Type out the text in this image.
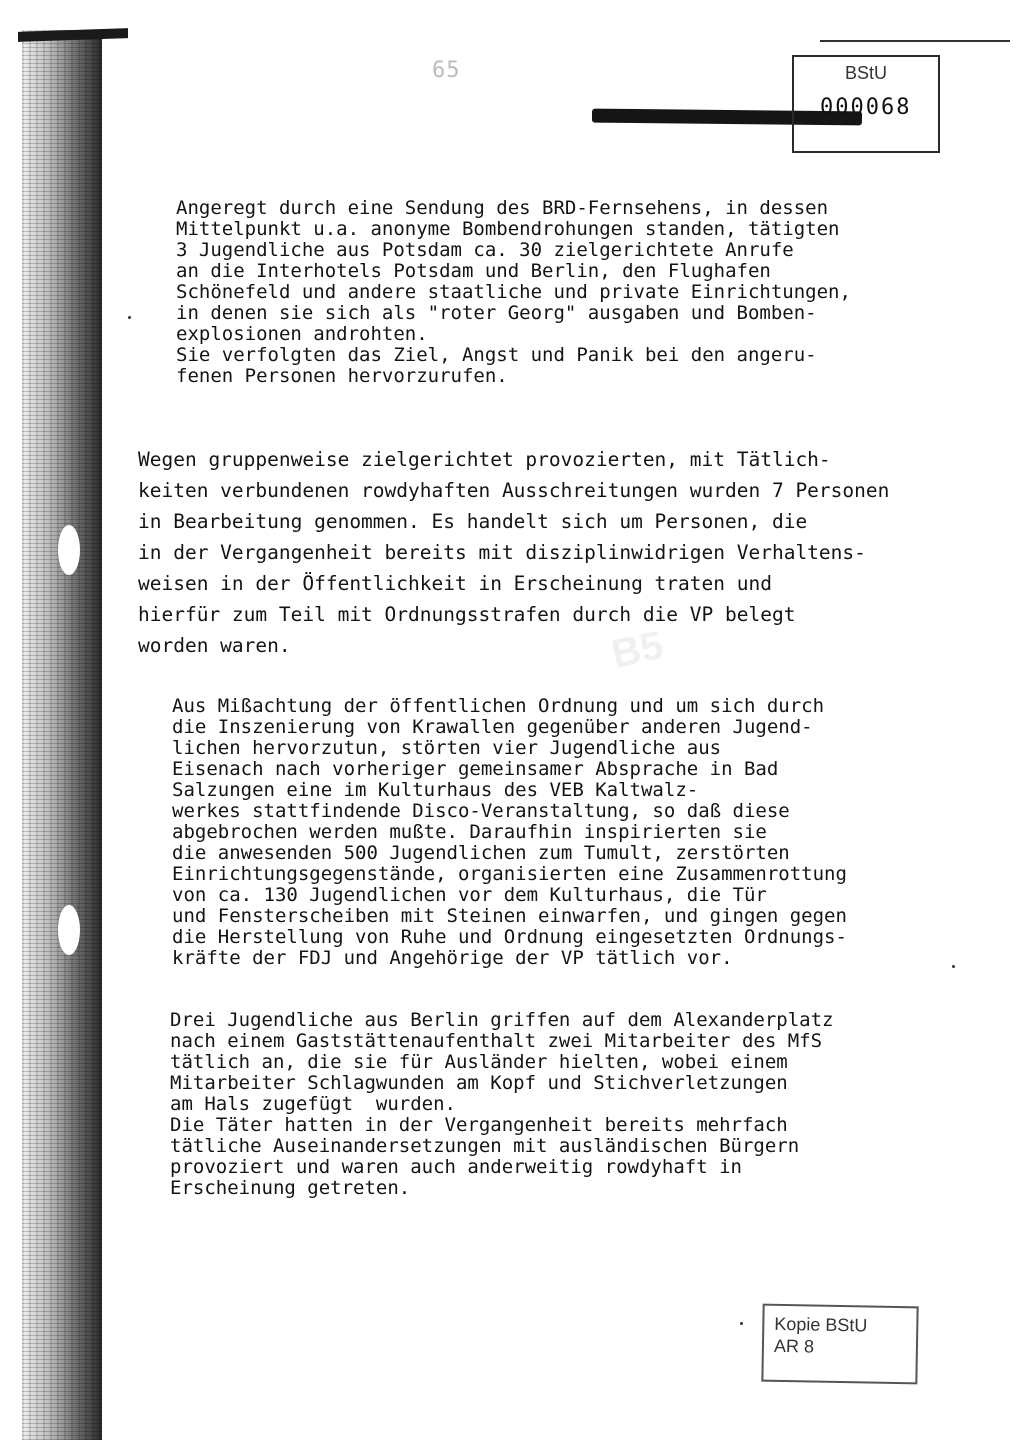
65	BStU
000068
B5
Angeregt durch eine Sendung des BRD-Fernsehens, in dessen
Mittelpunkt u.a. anonyme Bombendrohungen standen, tätigten
3 Jugendliche aus Potsdam ca. 30 zielgerichtete Anrufe
an die Interhotels Potsdam und Berlin, den Flughafen
Schönefeld und andere staatliche und private Einrichtungen,
in denen sie sich als "roter Georg" ausgaben und Bomben-
explosionen androhten.
Sie verfolgten das Ziel, Angst und Panik bei den angeru-
fenen Personen hervorzurufen.
Wegen gruppenweise zielgerichtet provozierten, mit Tätlich-
keiten verbundenen rowdyhaften Ausschreitungen wurden 7 Personen
in Bearbeitung genommen. Es handelt sich um Personen, die
in der Vergangenheit bereits mit disziplinwidrigen Verhaltens-
weisen in der Öffentlichkeit in Erscheinung traten und
hierfür zum Teil mit Ordnungsstrafen durch die VP belegt
worden waren.
Aus Mißachtung der öffentlichen Ordnung und um sich durch
die Inszenierung von Krawallen gegenüber anderen Jugend-
lichen hervorzutun, störten vier Jugendliche aus
Eisenach nach vorheriger gemeinsamer Absprache in Bad
Salzungen eine im Kulturhaus des VEB Kaltwalz-
werkes stattfindende Disco-Veranstaltung, so daß diese
abgebrochen werden mußte. Daraufhin inspirierten sie
die anwesenden 500 Jugendlichen zum Tumult, zerstörten
Einrichtungsgegenstände, organisierten eine Zusammenrottung
von ca. 130 Jugendlichen vor dem Kulturhaus, die Tür
und Fensterscheiben mit Steinen einwarfen, und gingen gegen
die Herstellung von Ruhe und Ordnung eingesetzten Ordnungs-
kräfte der FDJ und Angehörige der VP tätlich vor.
Drei Jugendliche aus Berlin griffen auf dem Alexanderplatz
nach einem Gaststättenaufenthalt zwei Mitarbeiter des MfS
tätlich an, die sie für Ausländer hielten, wobei einem
Mitarbeiter Schlagwunden am Kopf und Stichverletzungen
am Hals zugefügt  wurden.
Die Täter hatten in der Vergangenheit bereits mehrfach
tätliche Auseinandersetzungen mit ausländischen Bürgern
provoziert und waren auch anderweitig rowdyhaft in
Erscheinung getreten.
Kopie BStU
AR 8
